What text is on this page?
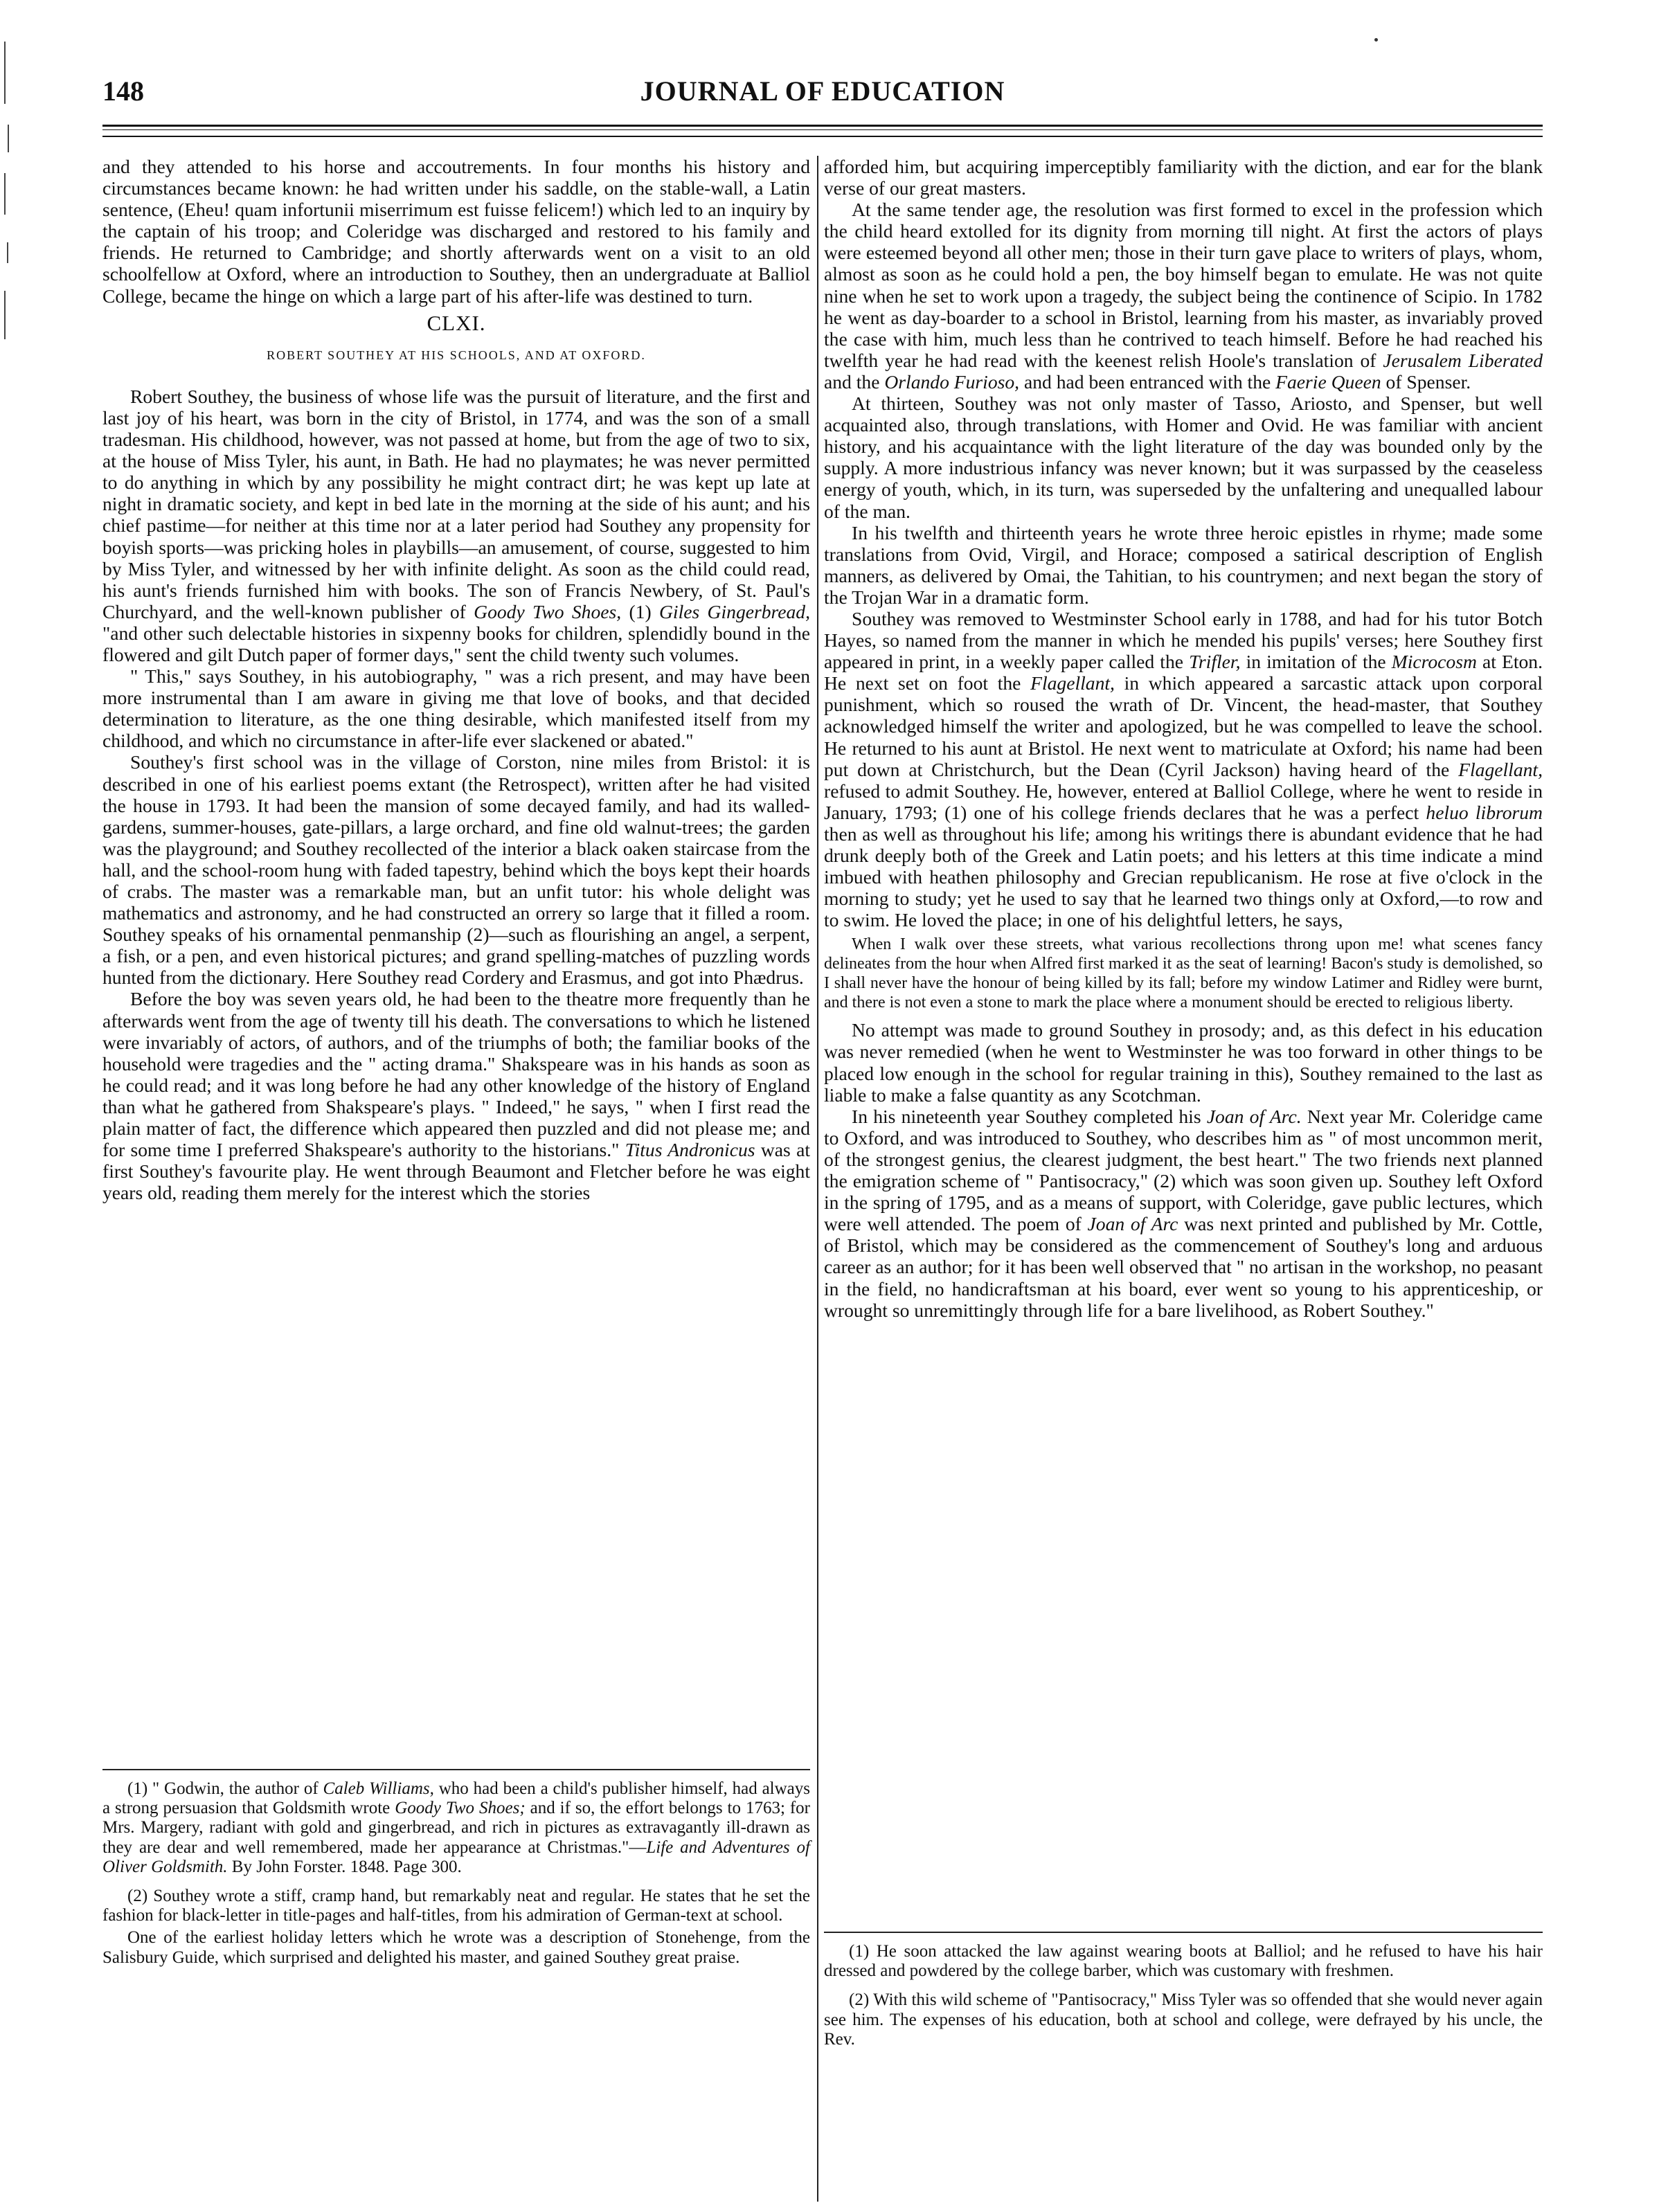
148	JOURNAL OF EDUCATION

and they attended to his horse and accoutrements. In four months his history and circumstances became known: he had written under his saddle, on the stable-wall, a Latin sentence, (Eheu! quam infortunii miserrimum est fuisse felicem!) which led to an inquiry by the captain of his troop; and Coleridge was discharged and restored to his family and friends. He returned to Cambridge; and shortly afterwards went on a visit to an old schoolfellow at Oxford, where an introduction to Southey, then an undergraduate at Balliol College, became the hinge on which a large part of his after-life was destined to turn.

CLXI.
ROBERT SOUTHEY AT HIS SCHOOLS, AND AT OXFORD.

Robert Southey, the business of whose life was the pursuit of literature, and the first and last joy of his heart, was born in the city of Bristol, in 1774, and was the son of a small tradesman. His childhood, however, was not passed at home, but from the age of two to six, at the house of Miss Tyler, his aunt, in Bath. He had no playmates; he was never permitted to do anything in which by any possibility he might contract dirt; he was kept up late at night in dramatic society, and kept in bed late in the morning at the side of his aunt; and his chief pastime—for neither at this time nor at a later period had Southey any propensity for boyish sports—was pricking holes in playbills—an amusement, of course, suggested to him by Miss Tyler, and witnessed by her with infinite delight. As soon as the child could read, his aunt's friends furnished him with books. The son of Francis Newbery, of St. Paul's Churchyard, and the well-known publisher of Goody Two Shoes, (1) Giles Gingerbread, "and other such delectable histories in sixpenny books for children, splendidly bound in the flowered and gilt Dutch paper of former days," sent the child twenty such volumes.

" This," says Southey, in his autobiography, " was a rich present, and may have been more instrumental than I am aware in giving me that love of books, and that decided determination to literature, as the one thing desirable, which manifested itself from my childhood, and which no circumstance in after-life ever slackened or abated."

Southey's first school was in the village of Corston, nine miles from Bristol: it is described in one of his earliest poems extant (the Retrospect), written after he had visited the house in 1793. It had been the mansion of some decayed family, and had its walled-gardens, summer-houses, gate-pillars, a large orchard, and fine old walnut-trees; the garden was the playground; and Southey recollected of the interior a black oaken staircase from the hall, and the school-room hung with faded tapestry, behind which the boys kept their hoards of crabs. The master was a remarkable man, but an unfit tutor: his whole delight was mathematics and astronomy, and he had constructed an orrery so large that it filled a room. Southey speaks of his ornamental penmanship (2)—such as flourishing an angel, a serpent, a fish, or a pen, and even historical pictures; and grand spelling-matches of puzzling words hunted from the dictionary. Here Southey read Cordery and Erasmus, and got into Phædrus.

Before the boy was seven years old, he had been to the theatre more frequently than he afterwards went from the age of twenty till his death. The conversations to which he listened were invariably of actors, of authors, and of the triumphs of both; the familiar books of the household were tragedies and the " acting drama." Shakspeare was in his hands as soon as he could read; and it was long before he had any other knowledge of the history of England than what he gathered from Shakspeare's plays. " Indeed," he says, " when I first read the plain matter of fact, the difference which appeared then puzzled and did not please me; and for some time I preferred Shakspeare's authority to the historians." Titus Andronicus was at first Southey's favourite play. He went through Beaumont and Fletcher before he was eight years old, reading them merely for the interest which the stories

afforded him, but acquiring imperceptibly familiarity with the diction, and ear for the blank verse of our great masters.

At the same tender age, the resolution was first formed to excel in the profession which the child heard extolled for its dignity from morning till night. At first the actors of plays were esteemed beyond all other men; those in their turn gave place to writers of plays, whom, almost as soon as he could hold a pen, the boy himself began to emulate. He was not quite nine when he set to work upon a tragedy, the subject being the continence of Scipio. In 1782 he went as day-boarder to a school in Bristol, learning from his master, as invariably proved the case with him, much less than he contrived to teach himself. Before he had reached his twelfth year he had read with the keenest relish Hoole's translation of Jerusalem Liberated and the Orlando Furioso, and had been entranced with the Faerie Queen of Spenser.

At thirteen, Southey was not only master of Tasso, Ariosto, and Spenser, but well acquainted also, through translations, with Homer and Ovid. He was familiar with ancient history, and his acquaintance with the light literature of the day was bounded only by the supply. A more industrious infancy was never known; but it was surpassed by the ceaseless energy of youth, which, in its turn, was superseded by the unfaltering and unequalled labour of the man.

In his twelfth and thirteenth years he wrote three heroic epistles in rhyme; made some translations from Ovid, Virgil, and Horace; composed a satirical description of English manners, as delivered by Omai, the Tahitian, to his countrymen; and next began the story of the Trojan War in a dramatic form.

Southey was removed to Westminster School early in 1788, and had for his tutor Botch Hayes, so named from the manner in which he mended his pupils' verses; here Southey first appeared in print, in a weekly paper called the Trifler, in imitation of the Microcosm at Eton. He next set on foot the Flagellant, in which appeared a sarcastic attack upon corporal punishment, which so roused the wrath of Dr. Vincent, the head-master, that Southey acknowledged himself the writer and apologized, but he was compelled to leave the school. He returned to his aunt at Bristol. He next went to matriculate at Oxford; his name had been put down at Christchurch, but the Dean (Cyril Jackson) having heard of the Flagellant, refused to admit Southey. He, however, entered at Balliol College, where he went to reside in January, 1793; (1) one of his college friends declares that he was a perfect heluo librorum then as well as throughout his life; among his writings there is abundant evidence that he had drunk deeply both of the Greek and Latin poets; and his letters at this time indicate a mind imbued with heathen philosophy and Grecian republicanism. He rose at five o'clock in the morning to study; yet he used to say that he learned two things only at Oxford,—to row and to swim. He loved the place; in one of his delightful letters, he says,

When I walk over these streets, what various recollections throng upon me! what scenes fancy delineates from the hour when Alfred first marked it as the seat of learning! Bacon's study is demolished, so I shall never have the honour of being killed by its fall; before my window Latimer and Ridley were burnt, and there is not even a stone to mark the place where a monument should be erected to religious liberty.

No attempt was made to ground Southey in prosody; and, as this defect in his education was never remedied (when he went to Westminster he was too forward in other things to be placed low enough in the school for regular training in this), Southey remained to the last as liable to make a false quantity as any Scotchman.

In his nineteenth year Southey completed his Joan of Arc. Next year Mr. Coleridge came to Oxford, and was introduced to Southey, who describes him as " of most uncommon merit, of the strongest genius, the clearest judgment, the best heart." The two friends next planned the emigration scheme of " Pantisocracy," (2) which was soon given up. Southey left Oxford in the spring of 1795, and as a means of support, with Coleridge, gave public lectures, which were well attended. The poem of Joan of Arc was next printed and published by Mr. Cottle, of Bristol, which may be considered as the commencement of Southey's long and arduous career as an author; for it has been well observed that " no artisan in the workshop, no peasant in the field, no handicraftsman at his board, ever went so young to his apprenticeship, or wrought so unremittingly through life for a bare livelihood, as Robert Southey."

(1) " Godwin, the author of Caleb Williams, who had been a child's publisher himself, had always a strong persuasion that Goldsmith wrote Goody Two Shoes; and if so, the effort belongs to 1763; for Mrs. Margery, radiant with gold and gingerbread, and rich in pictures as extravagantly ill-drawn as they are dear and well remembered, made her appearance at Christmas."—Life and Adventures of Oliver Goldsmith. By John Forster. 1848. Page 300.

(2) Southey wrote a stiff, cramp hand, but remarkably neat and regular. He states that he set the fashion for black-letter in title-pages and half-titles, from his admiration of German-text at school.

One of the earliest holiday letters which he wrote was a description of Stonehenge, from the Salisbury Guide, which surprised and delighted his master, and gained Southey great praise.	(1) He soon attacked the law against wearing boots at Balliol; and he refused to have his hair dressed and powdered by the college barber, which was customary with freshmen.

(2) With this wild scheme of "Pantisocracy," Miss Tyler was so offended that she would never again see him. The expenses of his education, both at school and college, were defrayed by his uncle, the Rev.
